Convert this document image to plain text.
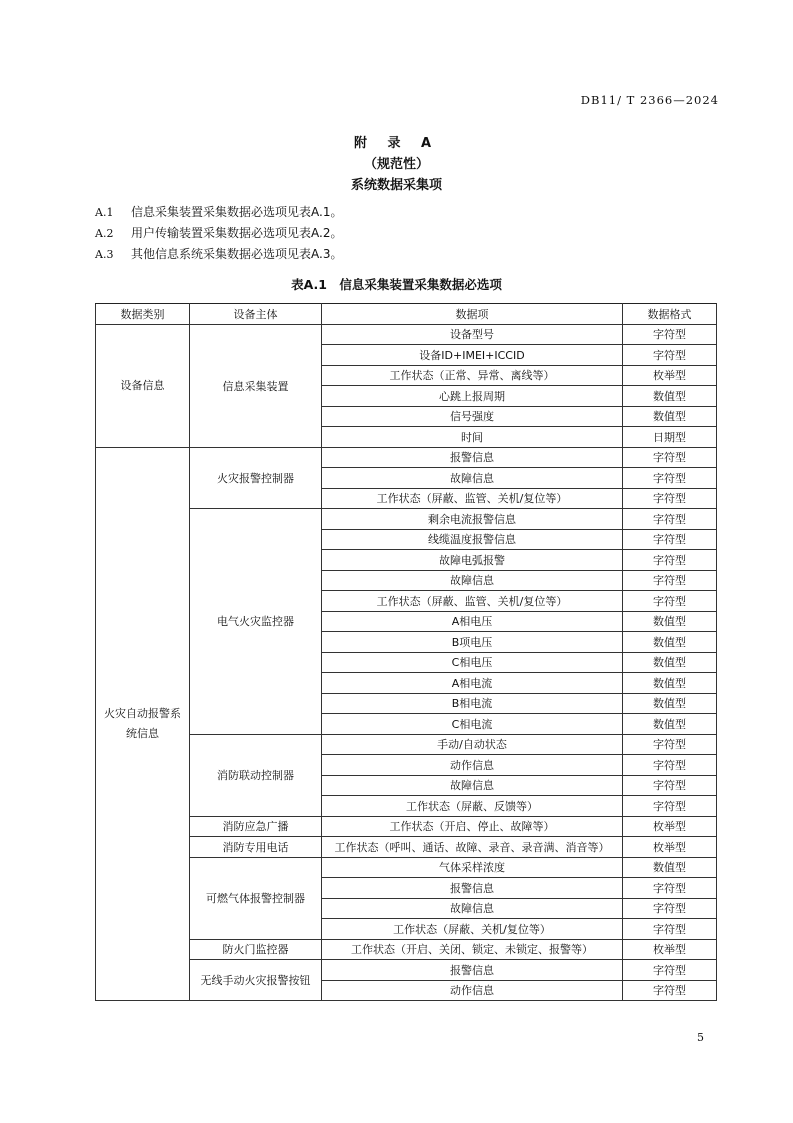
DB11/ T 2366—2024
附 录 A
（规范性）
系统数据采集项
A.1 信息采集装置采集数据必选项见表A.1。
A.2 用户传输装置采集数据必选项见表A.2。
A.3 其他信息系统采集数据必选项见表A.3。
表A.1　信息采集装置采集数据必选项
数据类别	设备主体	数据项	数据格式
设备信息	信息采集装置	设备型号	字符型
		设备ID+IMEI+ICCID	字符型
		工作状态（正常、异常、离线等）	枚举型
		心跳上报周期	数值型
		信号强度	数值型
		时间	日期型
火灾自动报警系统信息	火灾报警控制器	报警信息	字符型
		故障信息	字符型
		工作状态（屏蔽、监管、关机/复位等）	字符型
	电气火灾监控器	剩余电流报警信息	字符型
		线缆温度报警信息	字符型
		故障电弧报警	字符型
		故障信息	字符型
		工作状态（屏蔽、监管、关机/复位等）	字符型
		A相电压	数值型
		B项电压	数值型
		C相电压	数值型
		A相电流	数值型
		B相电流	数值型
		C相电流	数值型
	消防联动控制器	手动/自动状态	字符型
		动作信息	字符型
		故障信息	字符型
		工作状态（屏蔽、反馈等）	字符型
	消防应急广播	工作状态（开启、停止、故障等）	枚举型
	消防专用电话	工作状态（呼叫、通话、故障、录音、录音满、消音等）	枚举型
	可燃气体报警控制器	气体采样浓度	数值型
		报警信息	字符型
		故障信息	字符型
		工作状态（屏蔽、关机/复位等）	字符型
	防火门监控器	工作状态（开启、关闭、锁定、未锁定、报警等）	枚举型
	无线手动火灾报警按钮	报警信息	字符型
		动作信息	字符型
5
